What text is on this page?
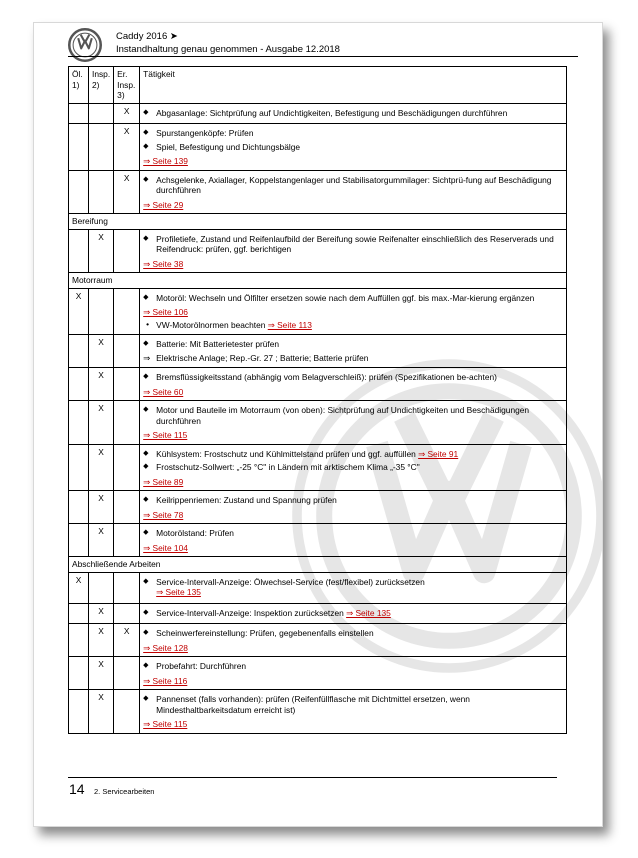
Caddy 2016 ➤
Instandhaltung genau genommen - Ausgabe 12.2018
Öl. 1)	Insp. 2)	Er. Insp. 3)	Tätigkeit
		X	◆ Abgasanlage: Sichtprüfung auf Undichtigkeiten, Befestigung und Beschädigungen durchführen

		X	◆ Spurstangenköpfe: Prüfen
◆ Spiel, Befestigung und Dichtungsbälge
⇒ Seite 139

		X	◆ Achsgelenke, Axiallager, Koppelstangenlager und Stabilisatorgummilager: Sichtprü-fung auf Beschädigung durchführen
⇒ Seite 29

Bereifung			
	X		◆ Profiletiefe, Zustand und Reifenlaufbild der Bereifung sowie Reifenalter einschließlich des Reserverads und Reifendruck: prüfen, ggf. berichtigen
⇒ Seite 38

Motorraum			
X			◆ Motoröl: Wechseln und Ölfilter ersetzen sowie nach dem Auffüllen ggf. bis max.-Mar-kierung ergänzen
⇒ Seite 106
• VW-Motorölnormen beachten ⇒ Seite 113

	X		◆ Batterie: Mit Batterietester prüfen
⇒ Elektrische Anlage; Rep.-Gr. 27 ; Batterie; Batterie prüfen

	X		◆ Bremsflüssigkeitsstand (abhängig vom Belagverschleiß): prüfen (Spezifikationen be-achten)
⇒ Seite 60

	X		◆ Motor und Bauteile im Motorraum (von oben): Sichtprüfung auf Undichtigkeiten und Beschädigungen durchführen
⇒ Seite 115

	X		◆ Kühlsystem: Frostschutz und Kühlmittelstand prüfen und ggf. auffüllen ⇒ Seite 91
◆ Frostschutz-Sollwert: „-25 °C" in Ländern mit arktischem Klima „-35 °C"
⇒ Seite 89

	X		◆ Keilrippenriemen: Zustand und Spannung prüfen
⇒ Seite 78

	X		◆ Motorölstand: Prüfen
⇒ Seite 104

Abschließende Arbeiten			
X			◆ Service-Intervall-Anzeige: Ölwechsel-Service (fest/flexibel) zurücksetzen
⇒ Seite 135

	X		◆ Service-Intervall-Anzeige: Inspektion zurücksetzen ⇒ Seite 135

	X	X	◆ Scheinwerfereinstellung: Prüfen, gegebenenfalls einstellen
⇒ Seite 128

	X		◆ Probefahrt: Durchführen
⇒ Seite 116

	X		◆ Pannenset (falls vorhanden): prüfen (Reifenfüllflasche mit Dichtmittel ersetzen, wenn Mindesthaltbarkeitsdatum erreicht ist)
⇒ Seite 115
14 2. Servicearbeiten
